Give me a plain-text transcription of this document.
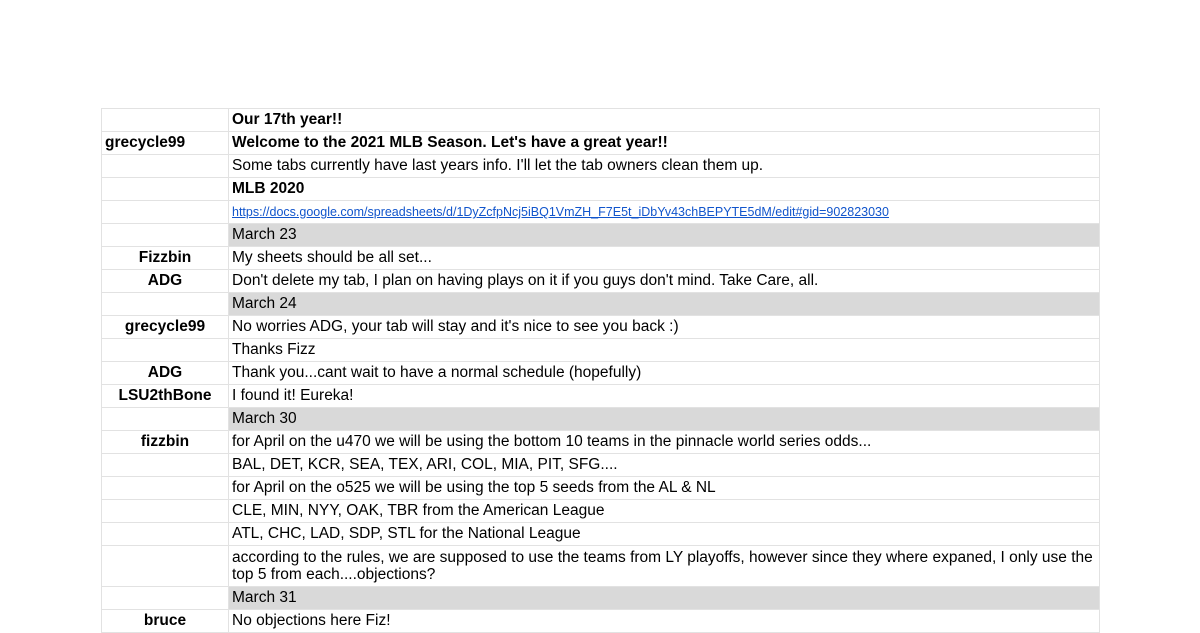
	Our 17th year!!
grecycle99	Welcome to the 2021 MLB Season. Let's have a great year!!
	Some tabs currently have last years info. I'll let the tab owners clean them up.
	MLB 2020
	https://docs.google.com/spreadsheets/d/1DyZcfpNcj5iBQ1VmZH_F7E5t_iDbYv43chBEPYTE5dM/edit#gid=902823030
	March 23
Fizzbin	My sheets should be all set...
ADG	Don't delete my tab, I plan on having plays on it if you guys don't mind. Take Care, all.
	March 24
grecycle99	No worries ADG, your tab will stay and it's nice to see you back :)
	Thanks Fizz
ADG	Thank you...cant wait to have a normal schedule (hopefully)
LSU2thBone	I found it! Eureka!
	March 30
fizzbin	for April on the u470 we will be using the bottom 10 teams in the pinnacle world series odds...
	BAL, DET, KCR, SEA, TEX, ARI, COL, MIA, PIT, SFG....
	for April on the o525 we will be using the top 5 seeds from the AL & NL
	CLE, MIN, NYY, OAK, TBR from the American League
	ATL, CHC, LAD, SDP, STL for the National League
	according to the rules, we are supposed to use the teams from LY playoffs, however since they where expaned, I only use the top 5 from each....objections?
	March 31
bruce	No objections here Fiz!
